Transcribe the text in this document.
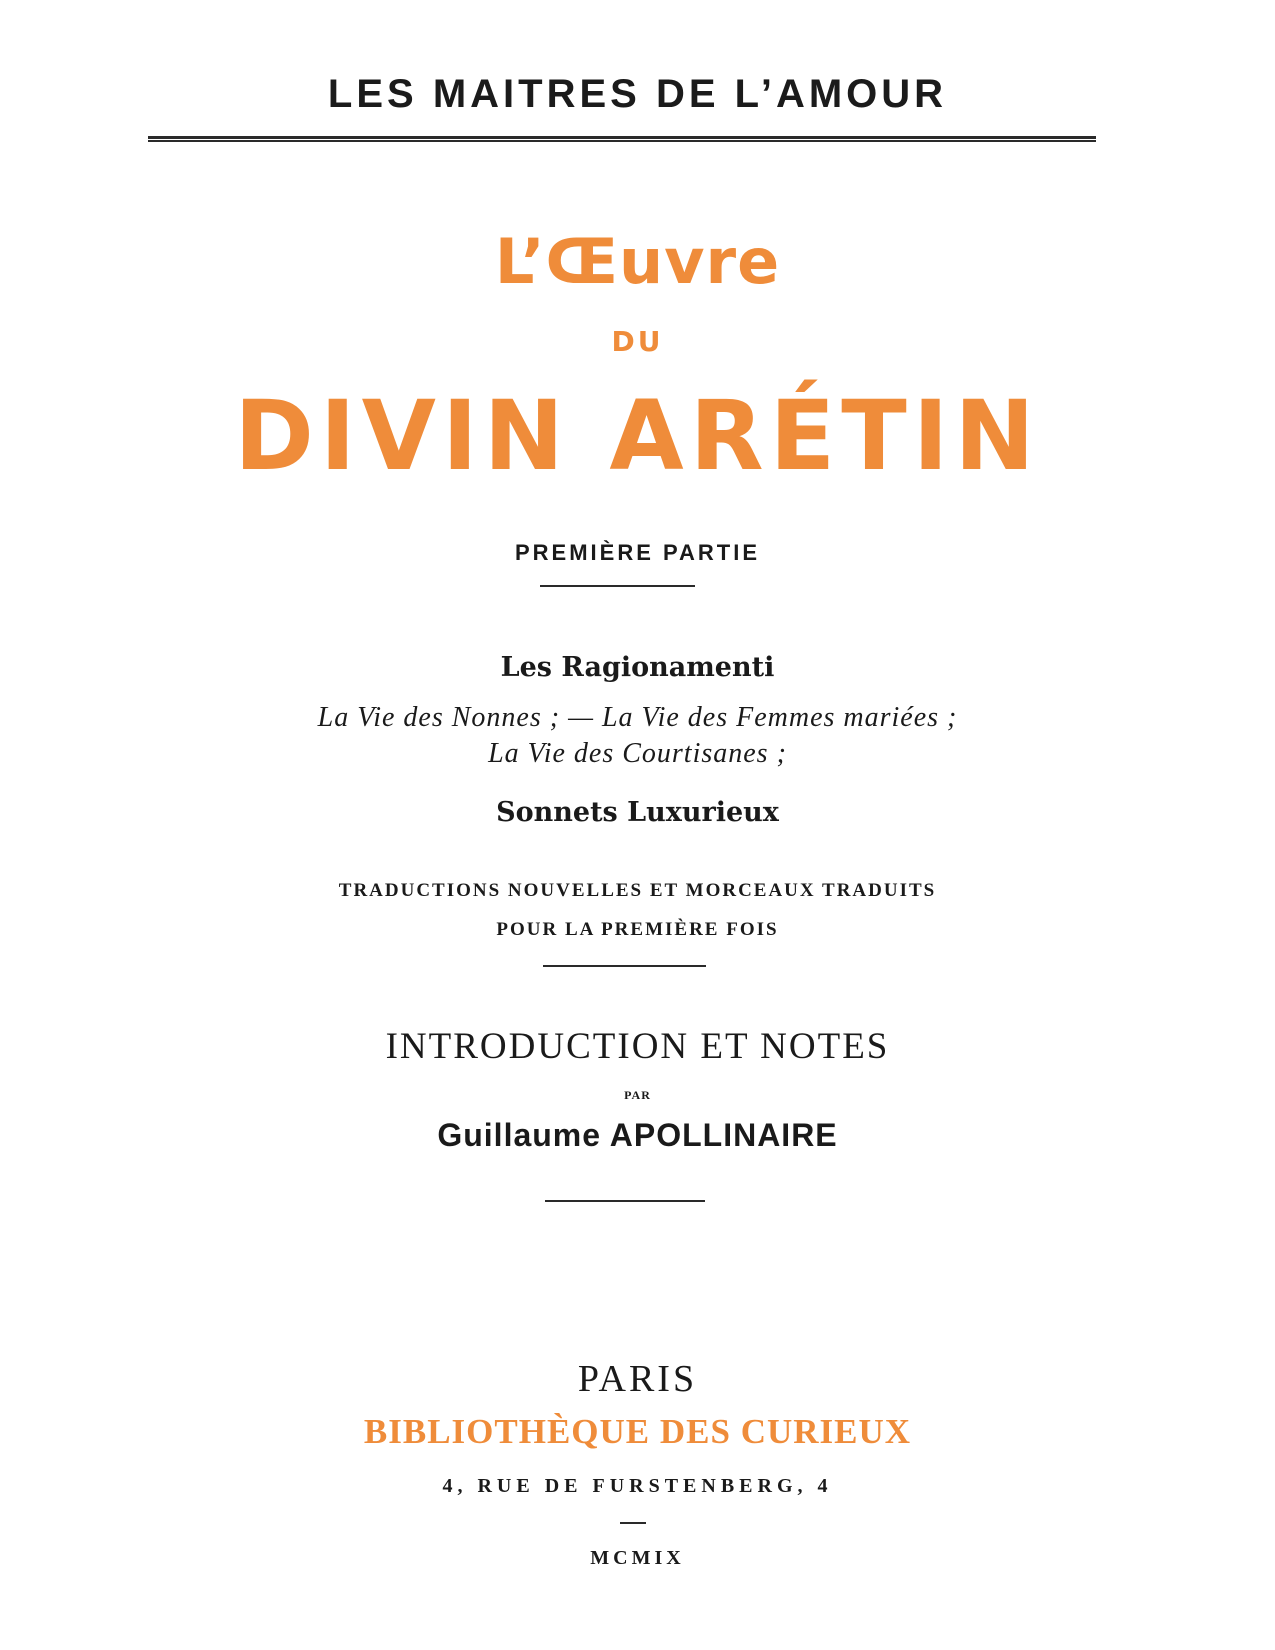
LES MAITRES DE L’AMOUR
L’Œuvre
DU
DIVIN ARÉTIN
PREMIÈRE PARTIE
Les Ragionamenti
La Vie des Nonnes ; — La Vie des Femmes mariées ;
La Vie des Courtisanes ;
Sonnets Luxurieux
TRADUCTIONS NOUVELLES ET MORCEAUX TRADUITS
POUR LA PREMIÈRE FOIS
INTRODUCTION ET NOTES
PAR
Guillaume APOLLINAIRE
PARIS
BIBLIOTHÈQUE DES CURIEUX
4, RUE DE FURSTENBERG, 4
MCMIX
